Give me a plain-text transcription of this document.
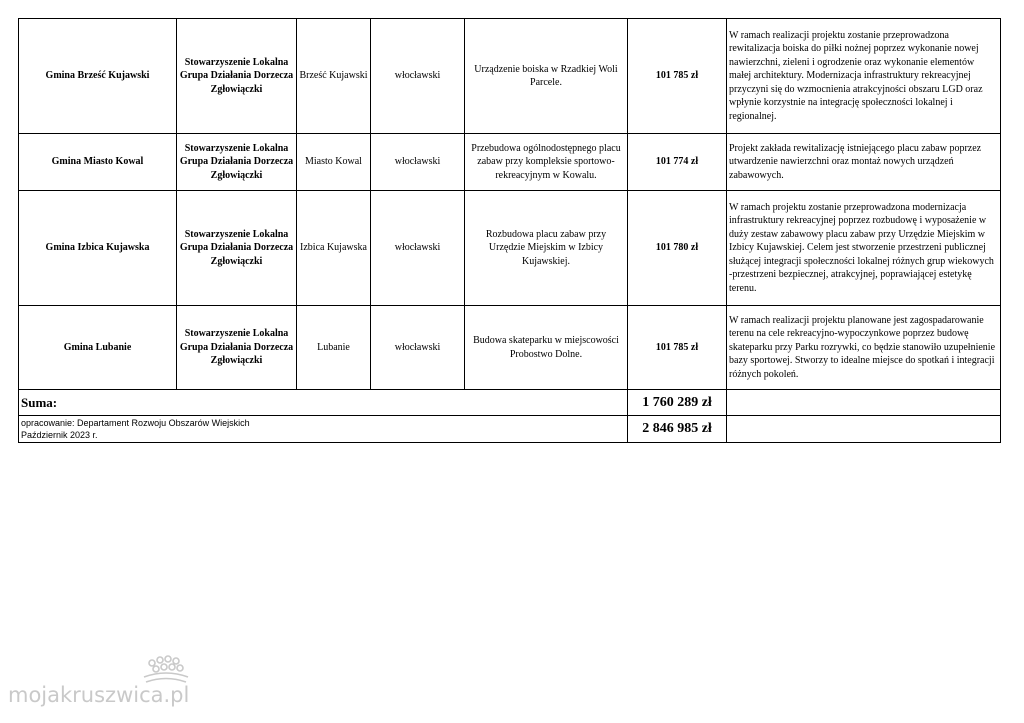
Gmina Brześć Kujawski	Stowarzyszenie Lokalna Grupa Działania Dorzecza Zgłowiączki	Brześć Kujawski	włocławski	Urządzenie boiska w Rzadkiej Woli Parcele.	101 785 zł	W ramach realizacji projektu zostanie przeprowadzona rewitalizacja boiska do piłki nożnej poprzez wykonanie nowej nawierzchni, zieleni i ogrodzenie oraz wykonanie elementów małej architektury. Modernizacja infrastruktury rekreacyjnej przyczyni się do wzmocnienia atrakcyjności obszaru LGD oraz wpłynie korzystnie na integrację społeczności lokalnej i regionalnej.
Gmina Miasto Kowal	Stowarzyszenie Lokalna Grupa Działania Dorzecza Zgłowiączki	Miasto Kowal	włocławski	Przebudowa ogólnodostępnego placu zabaw przy kompleksie sportowo-rekreacyjnym w Kowalu.	101 774 zł	Projekt zakłada rewitalizację istniejącego placu zabaw poprzez utwardzenie nawierzchni oraz montaż nowych urządzeń zabawowych.
Gmina Izbica Kujawska	Stowarzyszenie Lokalna Grupa Działania Dorzecza Zgłowiączki	Izbica Kujawska	włocławski	Rozbudowa placu zabaw przy Urzędzie Miejskim w Izbicy Kujawskiej.	101 780 zł	W ramach projektu zostanie przeprowadzona modernizacja infrastruktury rekreacyjnej poprzez rozbudowę i wyposażenie w duży zestaw zabawowy placu zabaw przy Urzędzie Miejskim w Izbicy Kujawskiej. Celem jest stworzenie przestrzeni publicznej służącej integracji społeczności lokalnej różnych grup wiekowych -przestrzeni bezpiecznej, atrakcyjnej, poprawiającej estetykę terenu.
Gmina Lubanie	Stowarzyszenie Lokalna Grupa Działania Dorzecza Zgłowiączki	Lubanie	włocławski	Budowa skateparku w miejscowości Probostwo Dolne.	101 785 zł	W ramach realizacji projektu planowane jest zagospadarowanie terenu na cele rekreacyjno-wypoczynkowe poprzez budowę skateparku przy Parku rozrywki, co będzie stanowiło uzupełnienie bazy sportowej. Stworzy to idealne miejsce do spotkań i integracji różnych pokoleń.
Suma:					1 760 289 zł	

opracowanie: Departament Rozwoju Obszarów Wiejskich
Październik 2023 r.					2 846 985 zł	
mojakruszwica.pl
